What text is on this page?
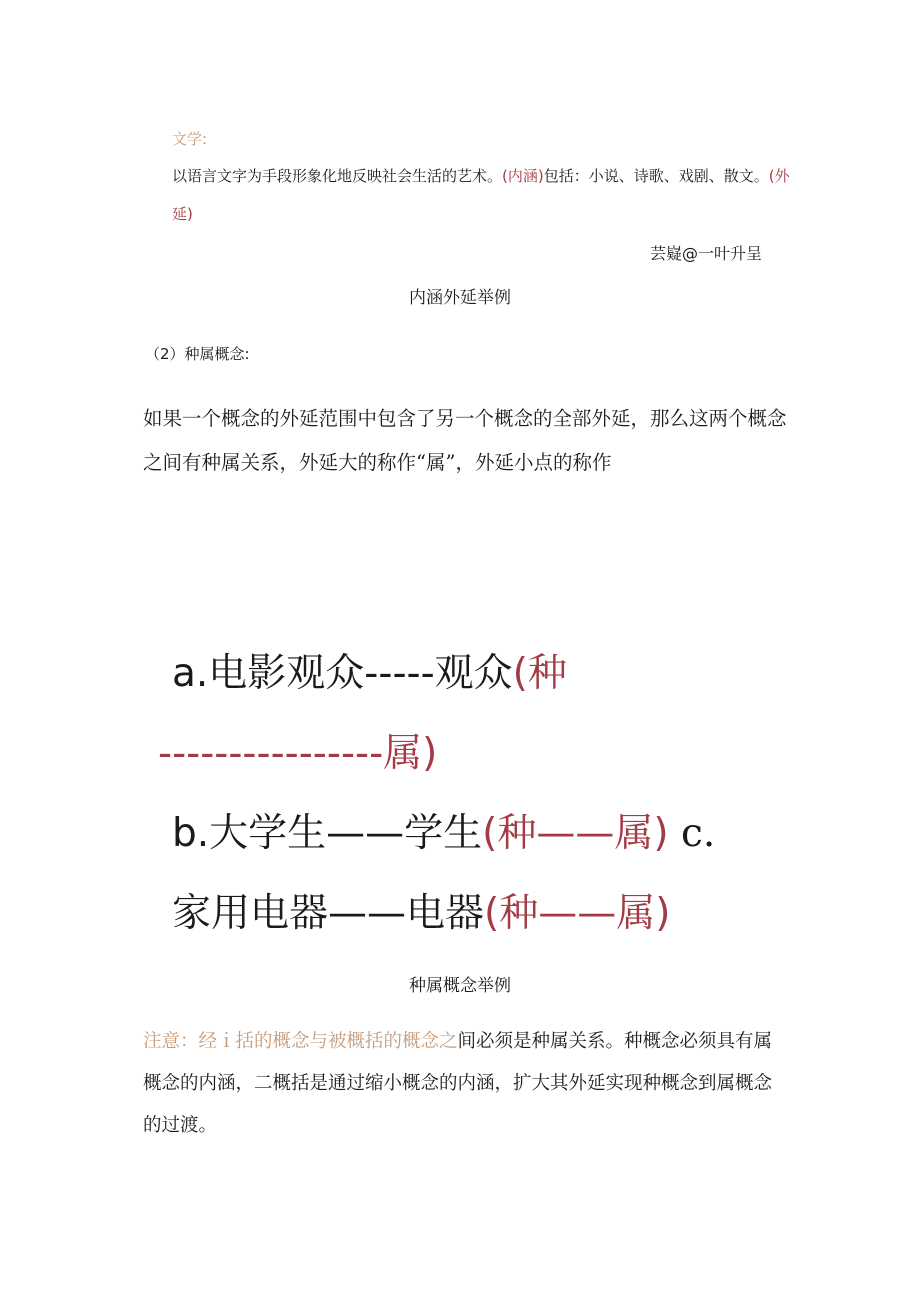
文学:
以语言文字为手段形象化地反映社会生活的艺术。(内涵)包括：小说、诗歌、戏剧、散文。(外
延)
芸嶷@一叶升呈
内涵外延举例
（2）种属概念:
如果一个概念的外延范围中包含了另一个概念的全部外延，那么这两个概念
之间有种属关系，外延大的称作“属”，外延小点的称作
a.电影观众-----观众(种
----------------属)
b.大学生——学生(种——属) c.
家用电器——电器(种——属)
种属概念举例
注意：经ｉ括的概念与被概括的概念之间必须是种属关系。种概念必须具有属
概念的内涵，二概括是通过缩小概念的内涵，扩大其外延实现种概念到属概念
的过渡。
